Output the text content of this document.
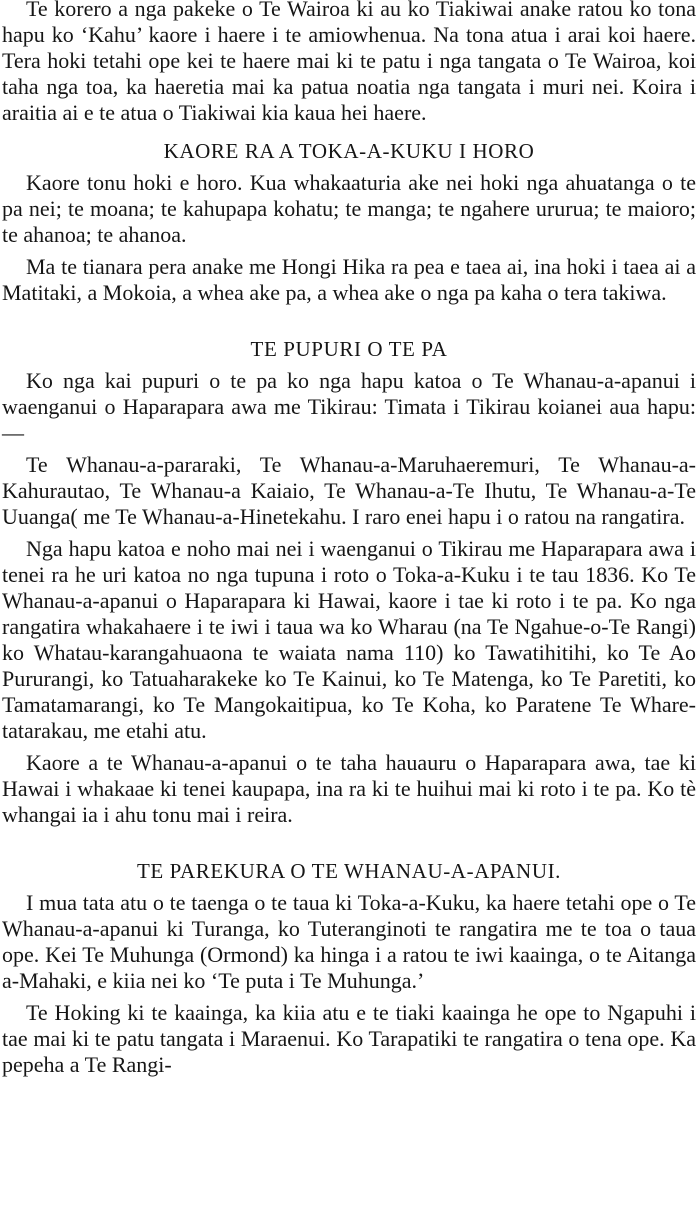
Te korero a nga pakeke o Te Wairoa ki au ko Tiakiwai anake ratou ko tona hapu ko ‘Kahu’ kaore i haere i te amiowhenua. Na tona atua i arai koi haere. Tera hoki tetahi ope kei te haere mai ki te patu i nga tangata o Te Wairoa, koi taha nga toa, ka haeretia mai ka patua noatia nga tangata i muri nei. Koira i araitia ai e te atua o Tiakiwai kia kaua hei haere.

KAORE RA A TOKA-A-KUKU I HORO

Kaore tonu hoki e horo. Kua whakaaturia ake nei hoki nga ahuatanga o te pa nei; te moana; te kahupapa kohatu; te manga; te ngahere ururua; te maioro; te ahanoa; te ahanoa.

Ma te tianara pera anake me Hongi Hika ra pea e taea ai, ina hoki i taea ai a Matitaki, a Mokoia, a whea ake pa, a whea ake o nga pa kaha o tera takiwa.

TE PUPURI O TE PA

Ko nga kai pupuri o te pa ko nga hapu katoa o Te Whanau-a-apanui i waenganui o Haparapara awa me Tikirau: Timata i Tikirau koianei aua hapu:—

Te Whanau-a-pararaki, Te Whanau-a-Maruhaeremuri, Te Whanau-a-Kahurautao, Te Whanau-a Kaiaio, Te Whanau-a-Te Ihutu, Te Whanau-a-Te Uuanga( me Te Whanau-a-Hinetekahu. I raro enei hapu i o ratou na rangatira.

Nga hapu katoa e noho mai nei i waenganui o Tikirau me Haparapara awa i tenei ra he uri katoa no nga tupuna i roto o Toka-a-Kuku i te tau 1836. Ko Te Whanau-a-apanui o Haparapara ki Hawai, kaore i tae ki roto i te pa. Ko nga rangatira whakahaere i te iwi i taua wa ko Wharau (na Te Ngahue-o-Te Rangi) ko Whatau-karangahuaona te waiata nama 110) ko Tawatihitihi, ko Te Ao Pururangi, ko Tatuaharakeke ko Te Kainui, ko Te Matenga, ko Te Paretiti, ko Tamatamarangi, ko Te Mangokaitipua, ko Te Koha, ko Paratene Te Whare-tatarakau, me etahi atu.

Kaore a te Whanau-a-apanui o te taha hauauru o Haparapara awa, tae ki Hawai i whakaae ki tenei kaupapa, ina ra ki te huihui mai ki roto i te pa. Ko tè whangai ia i ahu tonu mai i reira.

TE PAREKURA O TE WHANAU-A-APANUI.

I mua tata atu o te taenga o te taua ki Toka-a-Kuku, ka haere tetahi ope o Te Whanau-a-apanui ki Turanga, ko Tuteranginoti te rangatira me te toa o taua ope. Kei Te Muhunga (Ormond) ka hinga i a ratou te iwi kaainga, o te Aitanga a-Mahaki, e kiia nei ko ‘Te puta i Te Muhunga.’

Te Hoking ki te kaainga, ka kiia atu e te tiaki kaainga he ope to Ngapuhi i tae mai ki te patu tangata i Maraenui. Ko Tarapatiki te rangatira o tena ope. Ka pepeha a Te Rangi-
